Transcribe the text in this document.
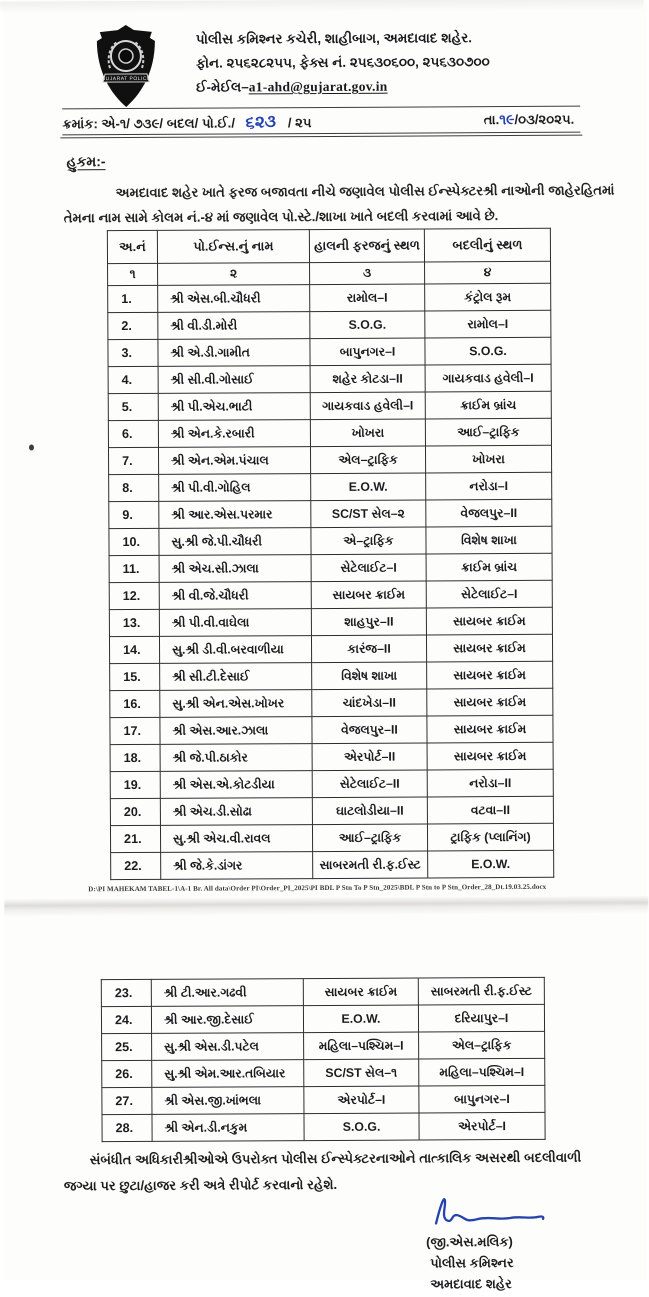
GUJARAT POLICE
પોલીસ કમિશ્નર કચેરી, શાહીબાગ, અમદાવાદ શહેર.
ફોન. ૨૫૬૨૮૨૫૫, ફેક્સ નં. ૨૫૬૩૦૬૦૦, ૨૫૬૩૦૭૦૦
ઈ-મેઈલ–a1-ahd@gujarat.gov.in
ક્રમાંક: એ-૧/ ૭૩૯/ બદલ/ પો.ઈ./ ૬૨૩ / ૨૫	તા.૧૯/૦૩/૨૦૨૫.
હુકમ:-
અમદાવાદ શહેર ખાતે ફરજ બજાવતા નીચે જણાવેલ પોલીસ ઈન્સ્પેક્ટરશ્રી નાઓની જાહેરહિતમાં
તેમના નામ સામે કોલમ નં.-૪ માં જણાવેલ પો.સ્ટે./શાખા ખાતે બદલી કરવામાં આવે છે.
અ.નં	પો.ઈન્સ.નું નામ	હાલની ફરજનું સ્થળ	બદલીનું સ્થળ
૧	૨	૩	૪
1.	શ્રી એસ.બી.ચૌધરી	રામોલ–I	કંટ્રોલ રૂમ
2.	શ્રી વી.ડી.મોરી	S.O.G.	રામોલ–I
3.	શ્રી એ.ડી.ગામીત	બાપુનગર–I	S.O.G.
4.	શ્રી સી.વી.ગોસાઈ	શહેર કોટડા–II	ગાયકવાડ હવેલી–I
5.	શ્રી પી.એચ.ભાટી	ગાયકવાડ હવેલી–I	ક્રાઈમ બ્રાંચ
6.	શ્રી એન.કે.રબારી	ખોખરા	આઈ–ટ્રાફિક
7.	શ્રી એન.એમ.પંચાલ	એલ–ટ્રાફિક	ખોખરા
8.	શ્રી પી.વી.ગોહિલ	E.O.W.	નરોડા–I
9.	શ્રી આર.એસ.પરમાર	SC/ST સેલ–૨	વેજલપુર–II
10.	સુ.શ્રી જે.પી.ચૌધરી	એ–ટ્રાફિક	વિશેષ શાખા
11.	શ્રી એચ.સી.ઝાલા	સેટેલાઈટ–I	ક્રાઈમ બ્રાંચ
12.	શ્રી વી.જે.ચૌધરી	સાયબર ક્રાઈમ	સેટેલાઈટ–I
13.	શ્રી પી.વી.વાઘેલા	શાહપુર–II	સાયબર ક્રાઈમ
14.	સુ.શ્રી ડી.વી.બરવાળીયા	કારંજ–II	સાયબર ક્રાઈમ
15.	શ્રી સી.ટી.દેસાઈ	વિશેષ શાખા	સાયબર ક્રાઈમ
16.	સુ.શ્રી એન.એસ.ખોખર	ચાંદખેડા–II	સાયબર ક્રાઈમ
17.	શ્રી એસ.આર.ઝાલા	વેજલપુર–II	સાયબર ક્રાઈમ
18.	શ્રી જે.પી.ઠાકોર	એરપોર્ટ–II	સાયબર ક્રાઈમ
19.	શ્રી એસ.એ.કોટડીયા	સેટેલાઈટ–II	નરોડા–II
20.	શ્રી એચ.ડી.સોઢા	ઘાટલોડીયા–II	વટવા–II
21.	સુ.શ્રી એચ.વી.રાવલ	આઈ–ટ્રાફિક	ટ્રાફિક (પ્લાનિંગ)
22.	શ્રી જે.કે.ડાંગર	સાબરમતી રી.ફ.ઈસ્ટ	E.O.W.
D:\PI MAHEKAM TABEL-1\A-1 Br. All data\Order PI\Order_PI_2025\PI BDL P Stn To P Stn_2025\BDL P Stn to P Stn_Order_28_Dt.19.03.25.docx
23.	શ્રી ટી.આર.ગઢવી	સાયબર ક્રાઈમ	સાબરમતી રી.ફ.ઈસ્ટ
24.	શ્રી આર.જી.દેસાઈ	E.O.W.	દરિયાપુર–I
25.	સુ.શ્રી એસ.ડી.પટેલ	મહિલા–પશ્ચિમ–I	એલ–ટ્રાફિક
26.	સુ.શ્રી એમ.આર.તબિયાર	SC/ST સેલ–૧	મહિલા–પશ્ચિમ–I
27.	શ્રી એસ.જી.ખાંભલા	એરપોર્ટ–I	બાપુનગર–I
28.	શ્રી એન.ડી.નકુમ	S.O.G.	એરપોર્ટ–I
સંબંધીત અધિકારીશ્રીઓએ ઉપરોક્ત પોલીસ ઈન્સ્પેક્ટરનાઓને તાત્કાલિક અસરથી બદલીવાળી
જગ્યા પર છુટા/હાજર કરી અત્રે રીપોર્ટ કરવાનો રહેશે.
(જી.એસ.મલિક)
પોલીસ કમિશ્નર
અમદાવાદ શહેર
